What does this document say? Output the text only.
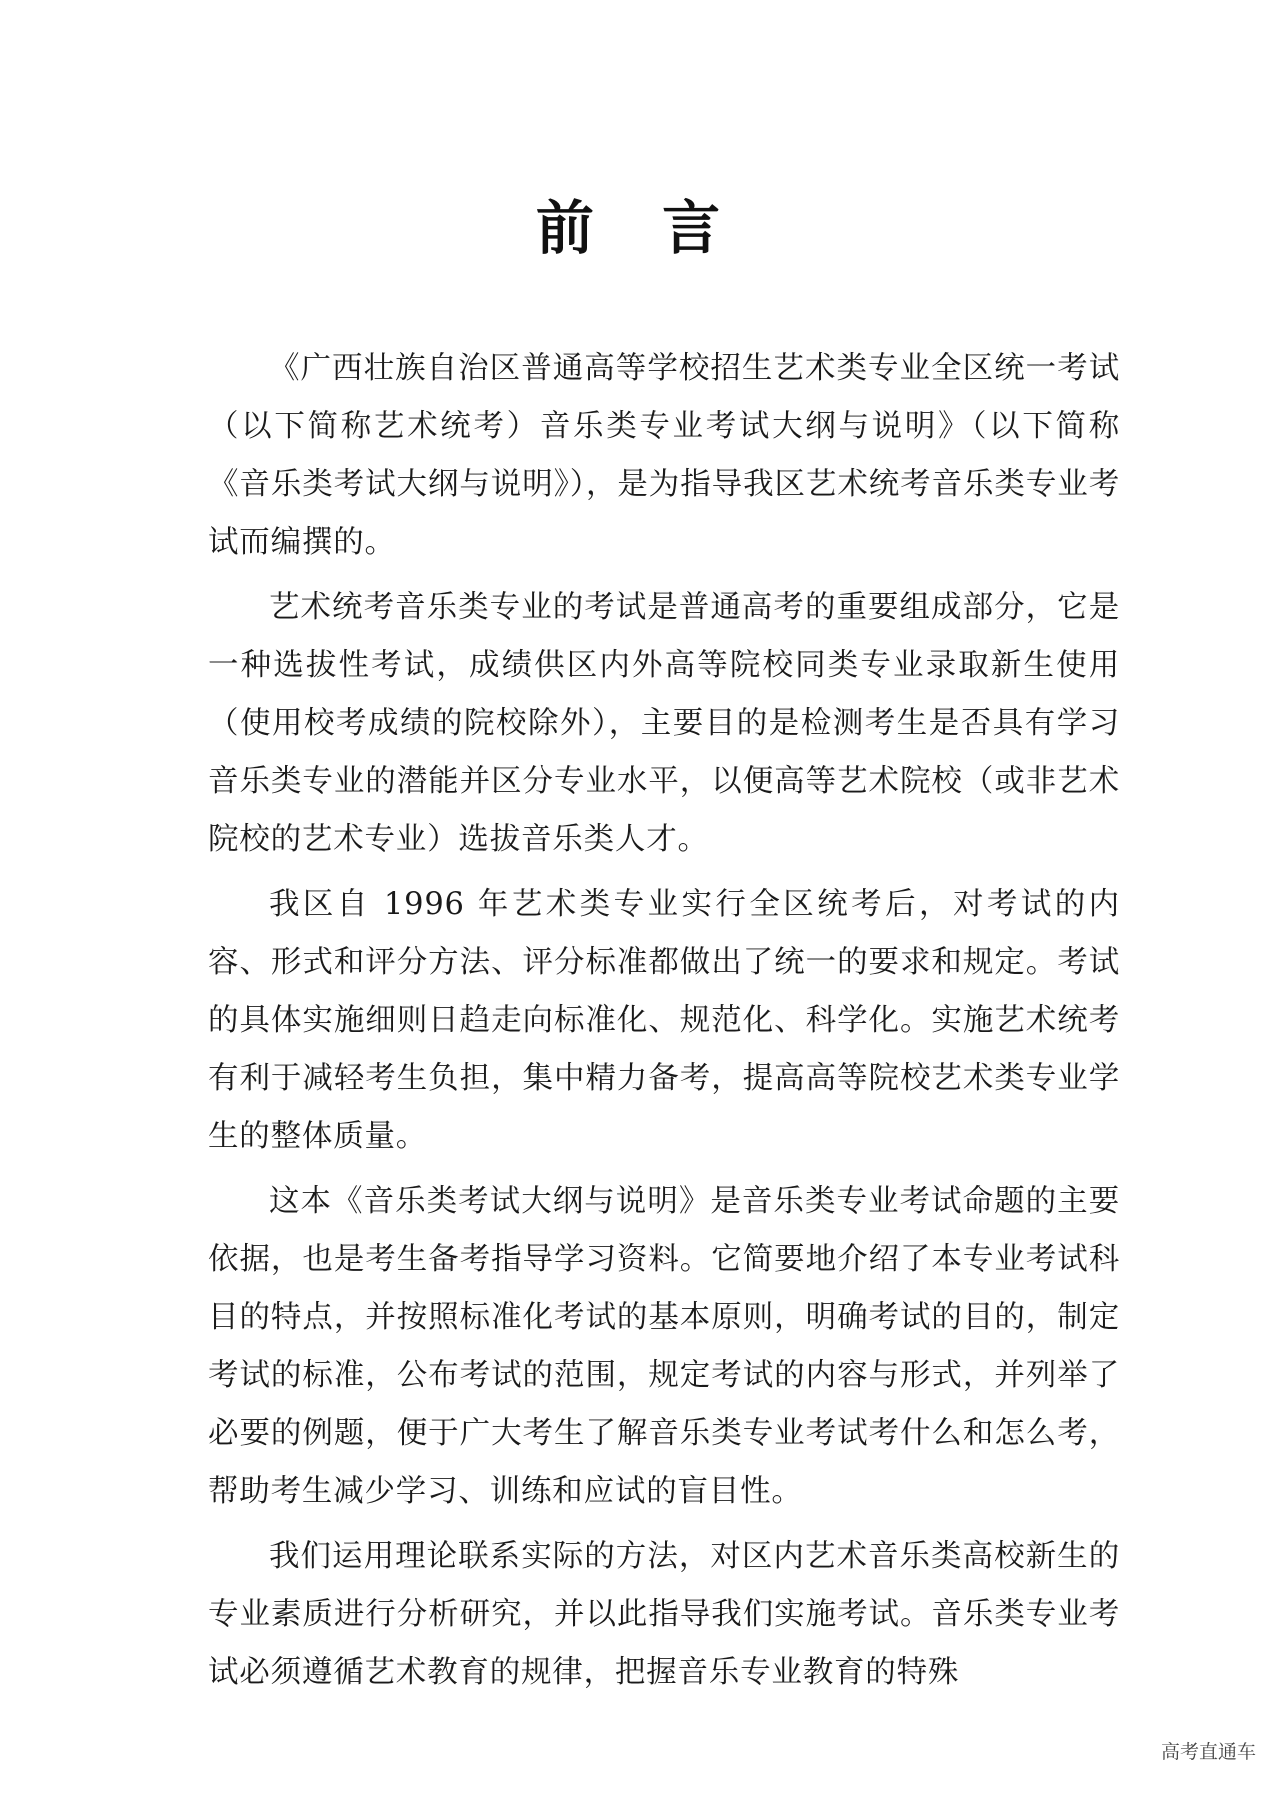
前 言

《广西壮族自治区普通高等学校招生艺术类专业全区统一考试（以下简称艺术统考）音乐类专业考试大纲与说明》（以下简称《音乐类考试大纲与说明》），是为指导我区艺术统考音乐类专业考试而编撰的。

艺术统考音乐类专业的考试是普通高考的重要组成部分，它是一种选拔性考试，成绩供区内外高等院校同类专业录取新生使用（使用校考成绩的院校除外），主要目的是检测考生是否具有学习音乐类专业的潜能并区分专业水平，以便高等艺术院校（或非艺术院校的艺术专业）选拔音乐类人才。

我区自 1996 年艺术类专业实行全区统考后，对考试的内容、形式和评分方法、评分标准都做出了统一的要求和规定。考试的具体实施细则日趋走向标准化、规范化、科学化。实施艺术统考有利于减轻考生负担，集中精力备考，提高高等院校艺术类专业学生的整体质量。

这本《音乐类考试大纲与说明》是音乐类专业考试命题的主要依据，也是考生备考指导学习资料。它简要地介绍了本专业考试科目的特点，并按照标准化考试的基本原则，明确考试的目的，制定考试的标准，公布考试的范围，规定考试的内容与形式，并列举了必要的例题，便于广大考生了解音乐类专业考试考什么和怎么考，帮助考生减少学习、训练和应试的盲目性。

我们运用理论联系实际的方法，对区内艺术音乐类高校新生的专业素质进行分析研究，并以此指导我们实施考试。音乐类专业考试必须遵循艺术教育的规律，把握音乐专业教育的特殊

高考直通车
